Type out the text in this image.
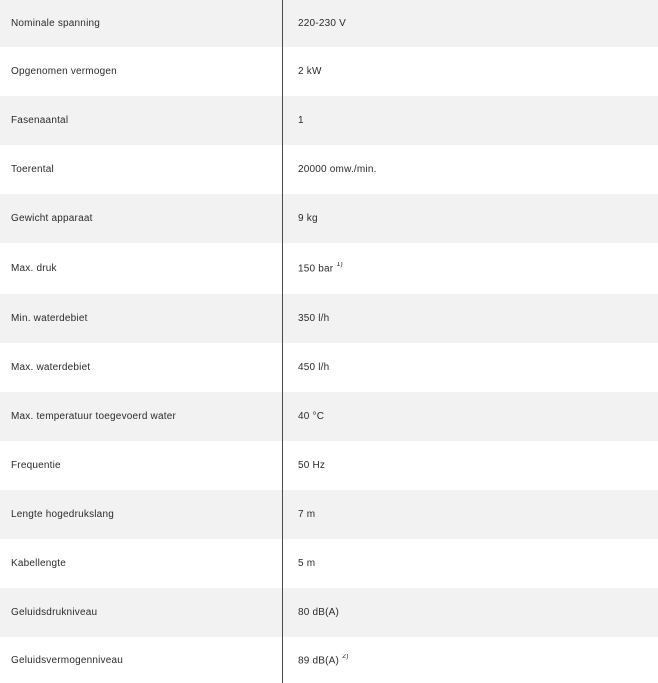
Nominale spanning	220-230 V
Opgenomen vermogen	2 kW
Fasenaantal	1
Toerental	20000 omw./min.
Gewicht apparaat	9 kg
Max. druk	150 bar $^{1)}$
Min. waterdebiet	350 l/h
Max. waterdebiet	450 l/h
Max. temperatuur toegevoerd water	40 °C
Frequentie	50 Hz
Lengte hogedrukslang	7 m
Kabellengte	5 m
Geluidsdrukniveau	80 dB(A)
Geluidsvermogenniveau	89 dB(A) $^{2)}$
